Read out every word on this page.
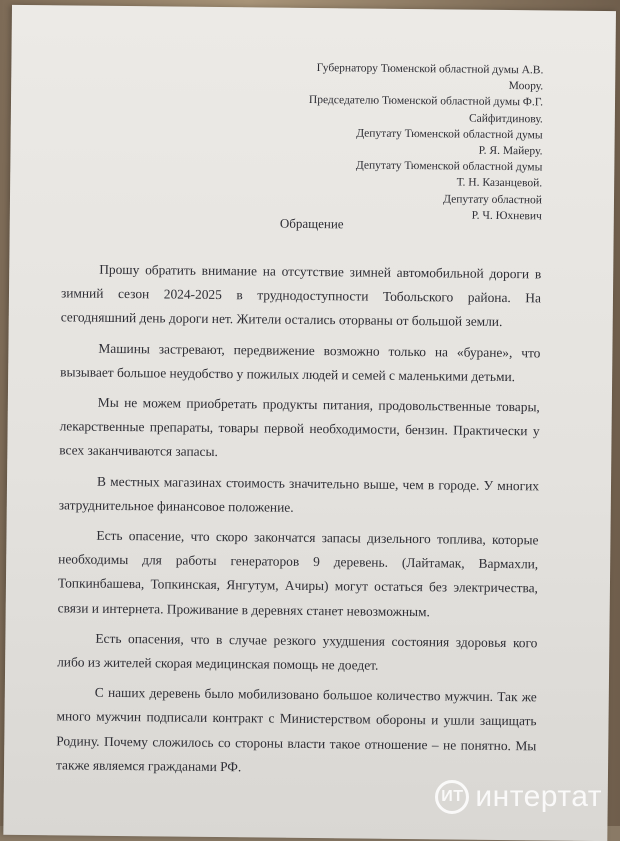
Губернатору Тюменской областной думы А.В.
Моору.
Председателю Тюменской областной думы Ф.Г.
Сайфитдинову.
Депутату Тюменской областной думы
Р. Я. Майеру.
Депутату Тюменской областной думы
Т. Н. Казанцевой.
Депутату областной
Р. Ч. Юхневич
Обращение

Прошу обратить внимание на отсутствие зимней автомобильной дороги в зимний сезон 2024-2025 в труднодоступности Тобольского района. На сегодняшний день дороги нет. Жители остались оторваны от большой земли.

Машины застревают, передвижение возможно только на «буране», что вызывает большое неудобство у пожилых людей и семей с маленькими детьми.

Мы не можем приобретать продукты питания, продовольственные товары, лекарственные препараты, товары первой необходимости, бензин. Практически у всех заканчиваются запасы.

В местных магазинах стоимость значительно выше, чем в городе. У многих затруднительное финансовое положение.

Есть опасение, что скоро закончатся запасы дизельного топлива, которые необходимы для работы генераторов 9 деревень. (Лайтамак, Вармахли, Топкинбашева, Топкинская, Янгутум, Ачиры) могут остаться без электричества, связи и интернета. Проживание в деревнях станет невозможным.

Есть опасения, что в случае резкого ухудшения состояния здоровья кого либо из жителей скорая медицинская помощь не доедет.

С наших деревень было мобилизовано большое количество мужчин. Так же много мужчин подписали контракт с Министерством обороны и ушли защищать Родину. Почему сложилось со стороны власти такое отношение – не понятно. Мы также являемся гражданами РФ.

ИТ интертат
